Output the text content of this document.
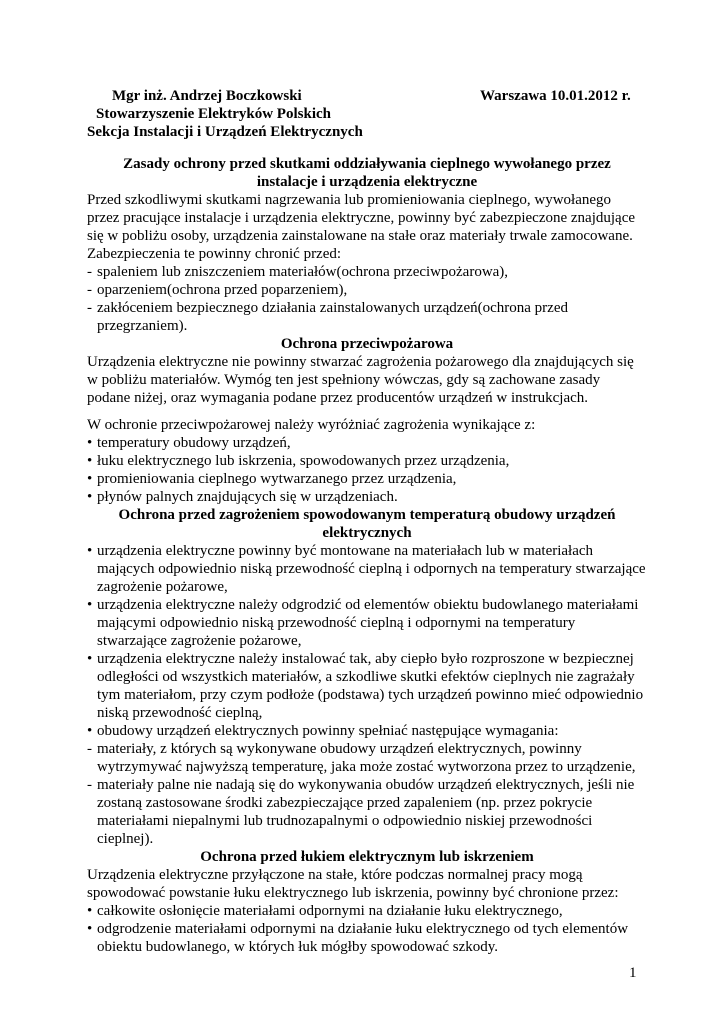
Mgr inż. Andrzej Boczkowski
Stowarzyszenie Elektryków Polskich
Sekcja Instalacji i Urządzeń Elektrycznych
Warszawa 10.01.2012 r.

Zasady ochrony przed skutkami oddziaływania cieplnego wywołanego przez instalacje i urządzenia elektryczne

Przed szkodliwymi skutkami nagrzewania lub promieniowania cieplnego, wywołanego przez pracujące instalacje i urządzenia elektryczne, powinny być zabezpieczone znajdujące się w pobliżu osoby, urządzenia zainstalowane na stałe oraz materiały trwale zamocowane.

Zabezpieczenia te powinny chronić przed:

- spaleniem lub zniszczeniem materiałów(ochrona przeciwpożarowa),

- oparzeniem(ochrona przed poparzeniem),

- zakłóceniem bezpiecznego działania zainstalowanych urządzeń(ochrona przed przegrzaniem).

Ochrona przeciwpożarowa

Urządzenia elektryczne nie powinny stwarzać zagrożenia pożarowego dla znajdujących się w pobliżu materiałów. Wymóg ten jest spełniony wówczas, gdy są zachowane zasady podane niżej, oraz wymagania podane przez producentów urządzeń w instrukcjach.

W ochronie przeciwpożarowej należy wyróżniać zagrożenia wynikające z:

• temperatury obudowy urządzeń,

• łuku elektrycznego lub iskrzenia, spowodowanych przez urządzenia,

• promieniowania cieplnego wytwarzanego przez urządzenia,

• płynów palnych znajdujących się w urządzeniach.

Ochrona przed zagrożeniem spowodowanym temperaturą obudowy urządzeń elektrycznych

• urządzenia elektryczne powinny być montowane na materiałach lub w materiałach mających odpowiednio niską przewodność cieplną i odpornych na temperatury stwarzające zagrożenie pożarowe,

• urządzenia elektryczne należy odgrodzić od elementów obiektu budowlanego materiałami mającymi odpowiednio niską przewodność cieplną i odpornymi na temperatury stwarzające zagrożenie pożarowe,

• urządzenia elektryczne należy instalować tak, aby ciepło było rozproszone w bezpiecznej odległości od wszystkich materiałów, a szkodliwe skutki efektów cieplnych nie zagrażały tym materiałom, przy czym podłoże (podstawa) tych urządzeń powinno mieć odpowiednio niską przewodność cieplną,

• obudowy urządzeń elektrycznych powinny spełniać następujące wymagania:

- materiały, z których są wykonywane obudowy urządzeń elektrycznych, powinny wytrzymywać najwyższą temperaturę, jaka może zostać wytworzona przez to urządzenie,

- materiały palne nie nadają się do wykonywania obudów urządzeń elektrycznych, jeśli nie zostaną zastosowane środki zabezpieczające przed zapaleniem (np. przez pokrycie materiałami niepalnymi lub trudnozapalnymi o odpowiednio niskiej przewodności cieplnej).

Ochrona przed łukiem elektrycznym lub iskrzeniem

Urządzenia elektryczne przyłączone na stałe, które podczas normalnej pracy mogą spowodować powstanie łuku elektrycznego lub iskrzenia, powinny być chronione przez:

• całkowite osłonięcie materiałami odpornymi na działanie łuku elektrycznego,

• odgrodzenie materiałami odpornymi na działanie łuku elektrycznego od tych elementów obiektu budowlanego, w których łuk mógłby spowodować szkody.

1
